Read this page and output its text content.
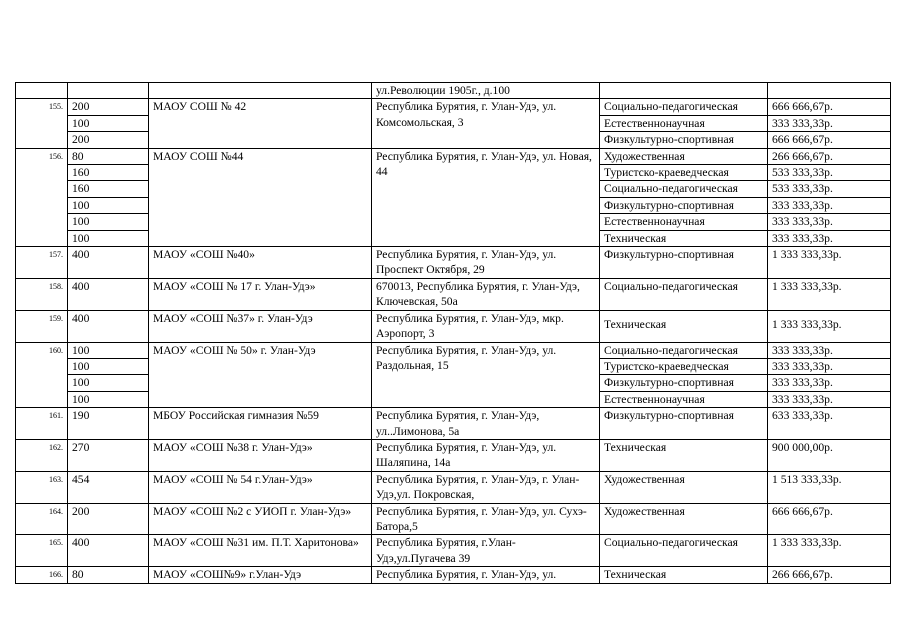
			ул.Революции 1905г., д.100		
155.	200	МАОУ СОШ № 42	Республика Бурятия, г. Улан-Удэ, ул. Комсомольская, 3	Социально-педагогическая	666 666,67р.
	100			Естественнонаучная	333 333,33р.
	200			Физкультурно-спортивная	666 666,67р.
156.	80	МАОУ СОШ №44	Республика Бурятия, г. Улан-Удэ, ул. Новая, 44	Художественная	266 666,67р.
	160			Туристско-краеведческая	533 333,33р.
	160			Социально-педагогическая	533 333,33р.
	100			Физкультурно-спортивная	333 333,33р.
	100			Естественнонаучная	333 333,33р.
	100			Техническая	333 333,33р.
157.	400	МАОУ «СОШ №40»	Республика Бурятия, г. Улан-Удэ, ул. Проспект Октября, 29	Физкультурно-спортивная	1 333 333,33р.
158.	400	МАОУ «СОШ № 17 г. Улан-Удэ»	670013, Республика Бурятия, г. Улан-Удэ, Ключевская, 50а	Социально-педагогическая	1 333 333,33р.
159.	400	МАОУ «СОШ №37» г. Улан-Удэ	Республика Бурятия, г. Улан-Удэ, мкр. Аэропорт, 3	Техническая	1 333 333,33р.
160.	100	МАОУ «СОШ № 50» г. Улан-Удэ	Республика Бурятия, г. Улан-Удэ, ул. Раздольная, 15	Социально-педагогическая	333 333,33р.
	100			Туристско-краеведческая	333 333,33р.
	100			Физкультурно-спортивная	333 333,33р.
	100			Естественнонаучная	333 333,33р.
161.	190	МБОУ Российская гимназия №59	Республика Бурятия, г. Улан-Удэ, ул..Лимонова, 5а	Физкультурно-спортивная	633 333,33р.
162.	270	МАОУ «СОШ №38 г. Улан-Удэ»	Республика Бурятия, г. Улан-Удэ, ул. Шаляпина, 14а	Техническая	900 000,00р.
163.	454	МАОУ «СОШ № 54 г.Улан-Удэ»	Республика Бурятия, г. Улан-Удэ, г. Улан-Удэ,ул. Покровская,	Художественная	1 513 333,33р.
164.	200	МАОУ «СОШ №2 с УИОП г. Улан-Удэ»	Республика Бурятия, г. Улан-Удэ, ул. Сухэ-Батора,5	Художественная	666 666,67р.
165.	400	МАОУ «СОШ №31 им. П.Т. Харитонова»	Республика Бурятия, г.Улан-Удэ,ул.Пугачева 39	Социально-педагогическая	1 333 333,33р.
166.	80	МАОУ «СОШ№9» г.Улан-Удэ	Республика Бурятия, г. Улан-Удэ, ул.	Техническая	266 666,67р.
